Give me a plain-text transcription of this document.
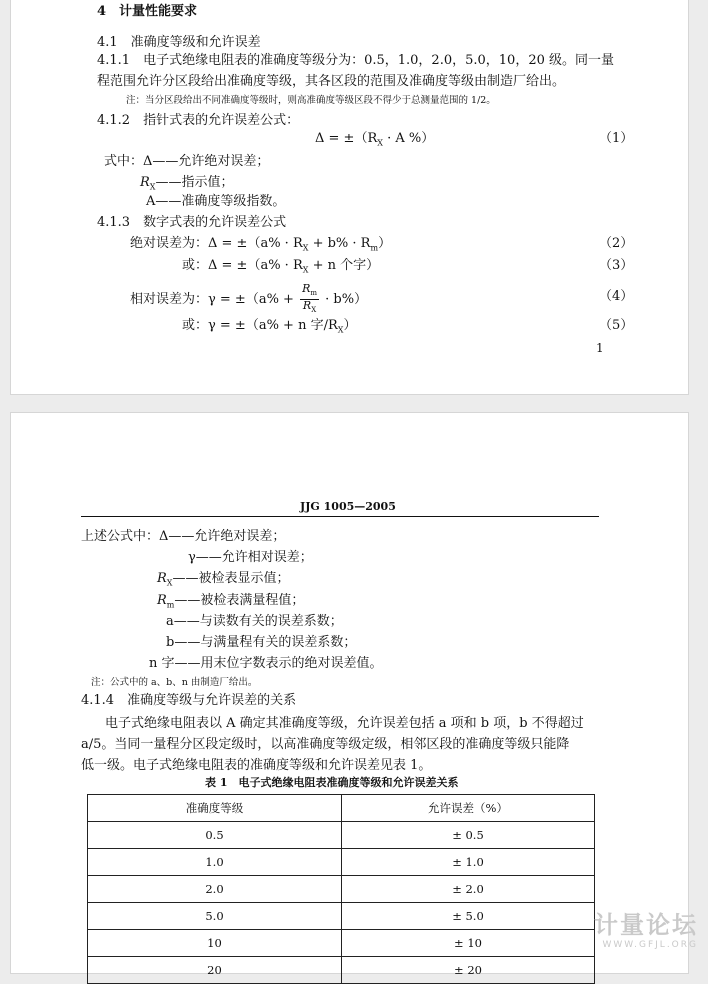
4　计量性能要求
4.1　准确度等级和允许误差
4.1.1　电子式绝缘电阻表的准确度等级分为：0.5，1.0，2.0，5.0，10，20 级。同一量
程范围允许分区段给出准确度等级，其各区段的范围及准确度等级由制造厂给出。
注：当分区段给出不同准确度等级时，则高准确度等级区段不得少于总测量范围的 1/2。
4.1.2　指针式表的允许误差公式：
$\Delta = \pm(R_X \cdot A$ %）	（1）
式中：Δ——允许绝对误差；
$R_X——$指示值；
A——准确度等级指数。
4.1.3　数字式表的允许误差公式
绝对误差为：$\Delta = \pm(a\% \cdot R_X + b\% \cdot R_m)$	（2）
或：$\Delta = \pm(a\% \cdot R_X + n$ 个字）	（3）
相对误差为：$\gamma = \pm(a\% + \frac{R_m}{R_X} \cdot b\%)$	（4）
或：γ = ±（a% + n 字$/R_X$）	（5）
1
JJG 1005—2005
上述公式中：Δ——允许绝对误差；
γ——允许相对误差；
$R_X——$被检表显示值；
$R_m——$被检表满量程值；
a——与读数有关的误差系数；
b——与满量程有关的误差系数；
n 字——用末位字数表示的绝对误差值。
注：公式中的 a、b、n 由制造厂给出。
4.1.4　准确度等级与允许误差的关系
电子式绝缘电阻表以 A 确定其准确度等级，允许误差包括 a 项和 b 项，b 不得超过
a/5。当同一量程分区段定级时，以高准确度等级定级，相邻区段的准确度等级只能降
低一级。电子式绝缘电阻表的准确度等级和允许误差见表 1。
表 1　电子式绝缘电阻表准确度等级和允许误差关系
准确度等级	允许误差（%）
0.5	± 0.5
1.0	± 1.0
2.0	± 2.0
5.0	± 5.0
10	± 10
20	± 20
计量论坛
WWW.GFJL.ORG
